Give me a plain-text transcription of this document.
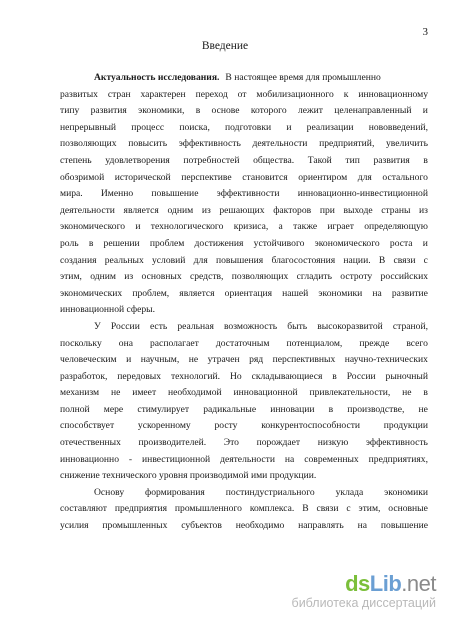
3
Введение
Актуальность исследования. В настоящее время для промышленно
развитых стран характерен переход от мобилизационного к инновационному
типу развития экономики, в основе которого лежит целенаправленный и
непрерывный процесс поиска, подготовки и реализации нововведений,
позволяющих повысить эффективность деятельности предприятий, увеличить
степень удовлетворения потребностей общества. Такой тип развития в
обозримой исторической перспективе становится ориентиром для остального
мира. Именно повышение эффективности инновационно-инвестиционной
деятельности является одним из решающих факторов при выходе страны из
экономического и технологического кризиса, а также играет определяющую
роль в решении проблем достижения устойчивого экономического роста и
создания реальных условий для повышения благосостояния нации. В связи с
этим, одним из основных средств, позволяющих сгладить остроту российских
экономических проблем, является ориентация нашей экономики на развитие
инновационной сферы.
У России есть реальная возможность быть высокоразвитой страной,
поскольку она располагает достаточным потенциалом, прежде всего
человеческим и научным, не утрачен ряд перспективных научно-технических
разработок, передовых технологий. Но складывающиеся в России рыночный
механизм не имеет необходимой инновационной привлекательности, не в
полной мере стимулирует радикальные инновации в производстве, не
способствует ускоренному росту конкурентоспособности продукции
отечественных производителей. Это порождает низкую эффективность
инновационно - инвестиционной деятельности на современных предприятиях,
снижение технического уровня производимой ими продукции.
Основу формирования постиндустриального уклада экономики
составляют предприятия промышленного комплекса. В связи с этим, основные
усилия промышленных субъектов необходимо направлять на повышение
dsLib.net
библиотека диссертаций
